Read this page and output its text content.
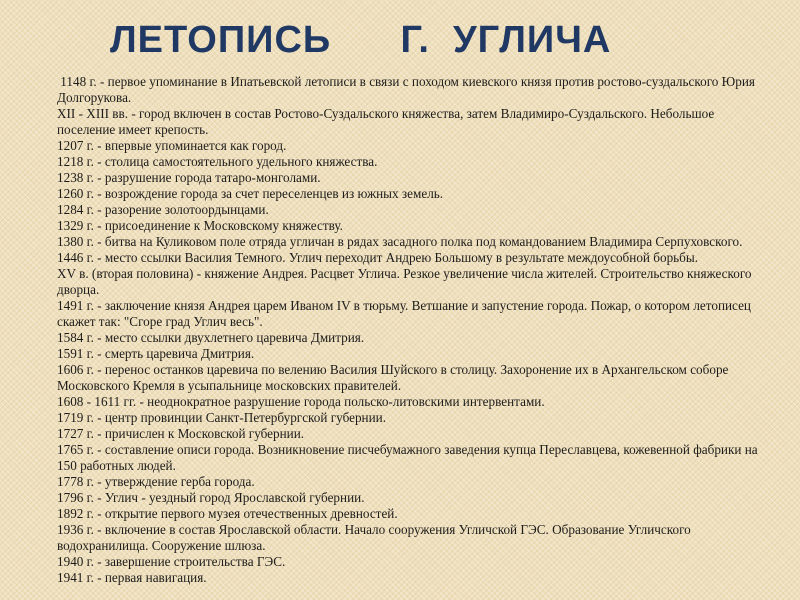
ЛЕТОПИСЬ      Г.  УГЛИЧА

1148 г. - первое упоминание в Ипатьевской летописи в связи с походом киевского князя против ростово-суздальского Юрия Долгорукова.

XII - XIII вв. - город включен в состав Ростово-Суздальского княжества, затем Владимиро-Суздальского. Небольшое поселение имеет крепость.

1207 г. - впервые упоминается как город.

1218 г. - столица самостоятельного удельного княжества.

1238 г. - разрушение города татаро-монголами.

1260 г. - возрождение города за счет переселенцев из южных земель.

1284 г. - разорение золотоордынцами.

1329 г. - присоединение к Московскому княжеству.

1380 г. - битва на Куликовом поле отряда угличан в рядах засадного полка под командованием Владимира Серпуховского.

1446 г. - место ссылки Василия Темного. Углич переходит Андрею Большому в результате междоусобной борьбы.

XV в. (вторая половина) - княжение Андрея. Расцвет Углича. Резкое увеличение числа жителей. Строительство княжеского дворца.

1491 г. - заключение князя Андрея царем Иваном IV в тюрьму. Ветшание и запустение города. Пожар, о котором летописец скажет так: "Сгоре град Углич весь".

1584 г. - место ссылки двухлетнего царевича Дмитрия.

1591 г. - смерть царевича Дмитрия.

1606 г. - перенос останков царевича по велению Василия Шуйского в столицу. Захоронение их в Архангельском соборе Московского Кремля в усыпальнице московских правителей.

1608 - 1611 гг. - неоднократное разрушение города польско-литовскими интервентами.

1719 г. - центр провинции Санкт-Петербургской губернии.

1727 г. - причислен к Московской губернии.

1765 г. - составление описи города. Возникновение писчебумажного заведения купца Переславцева, кожевенной фабрики на 150 работных людей.

1778 г. - утверждение герба города.

1796 г. - Углич - уездный город Ярославской губернии.

1892 г. - открытие первого музея отечественных древностей.

1936 г. - включение в состав Ярославской области. Начало сооружения Угличской ГЭС. Образование Угличского водохранилища. Сооружение шлюза.

1940 г. - завершение строительства ГЭС.

1941 г. - первая навигация.
